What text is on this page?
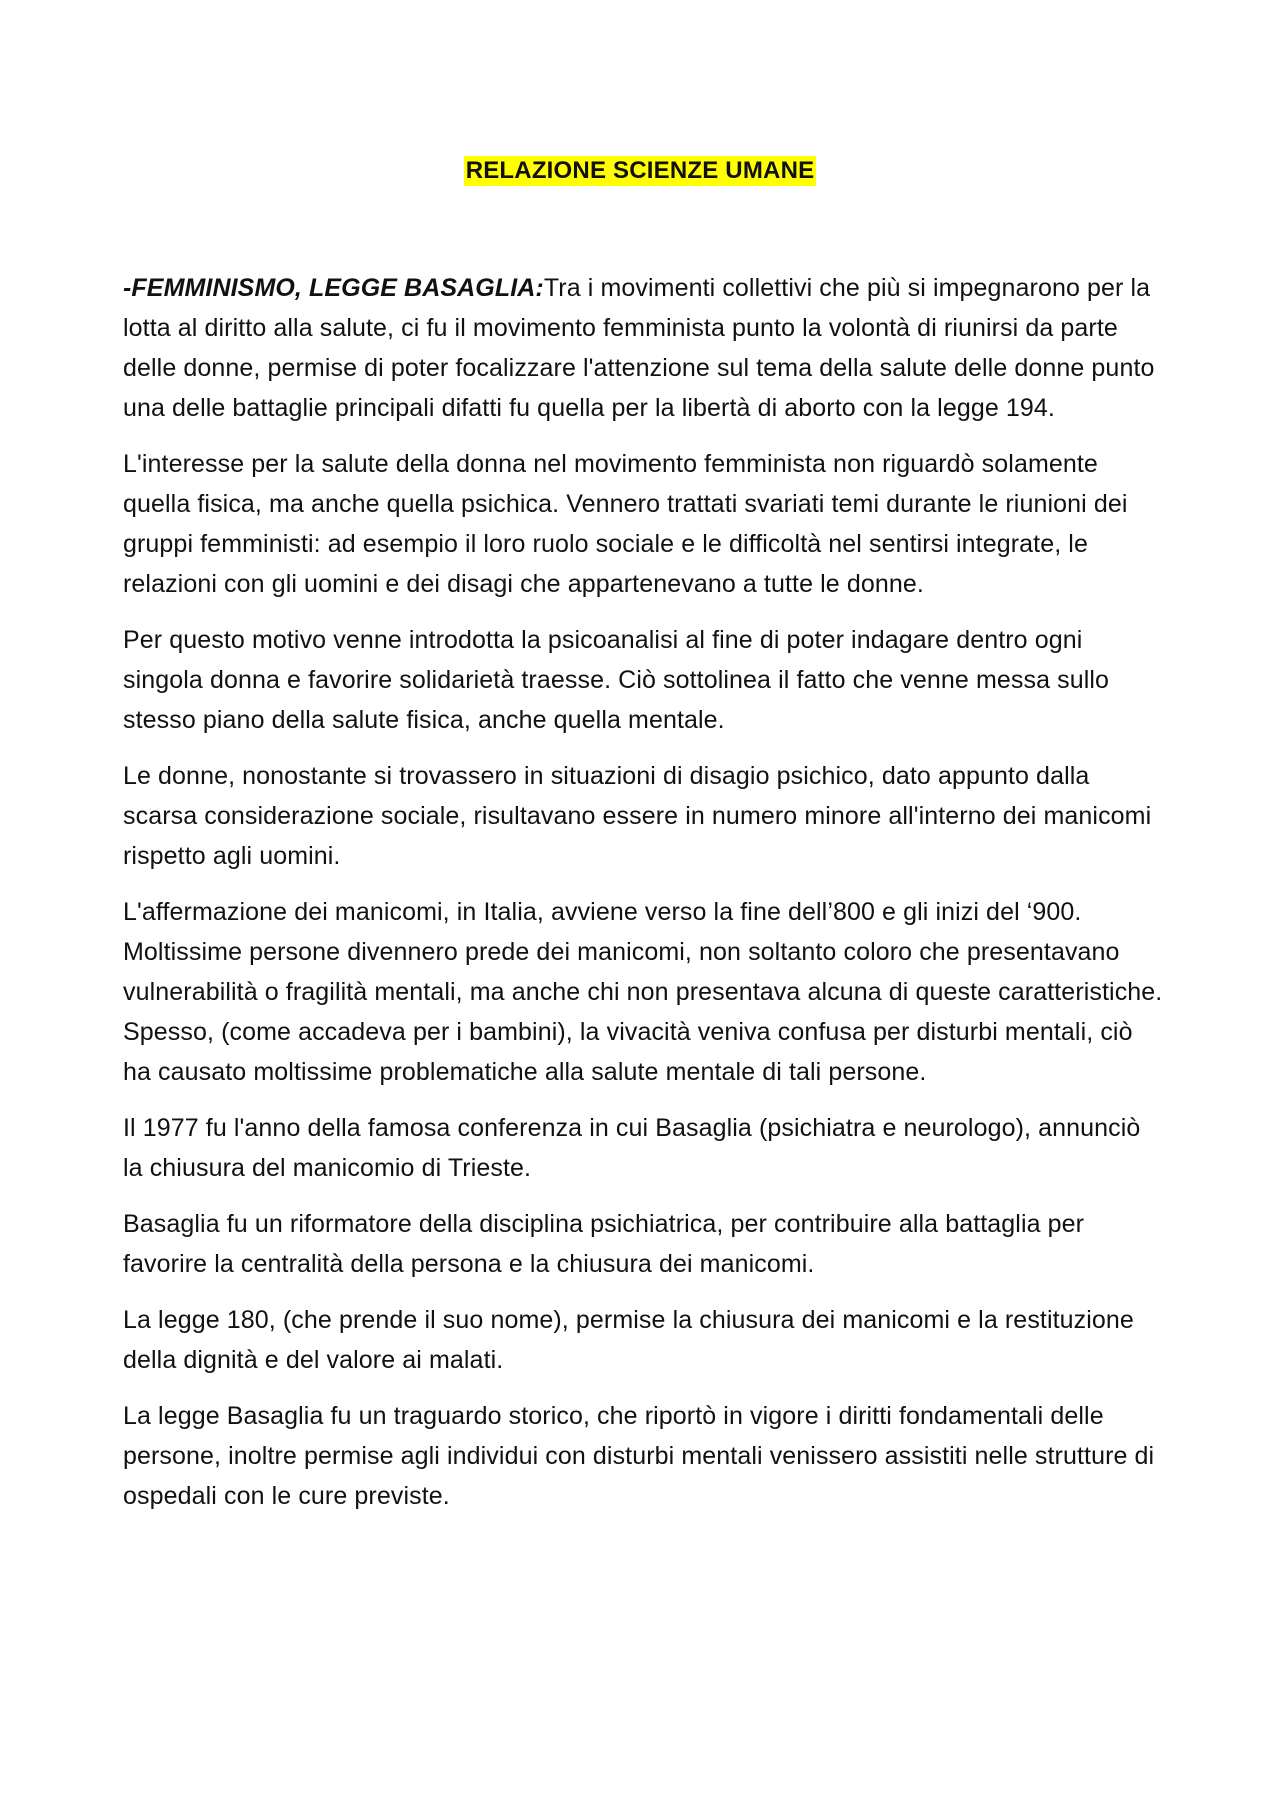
RELAZIONE SCIENZE UMANE

-FEMMINISMO, LEGGE BASAGLIA:Tra i movimenti collettivi che più si impegnarono per la lotta al diritto alla salute, ci fu il movimento femminista punto la volontà di riunirsi da parte delle donne, permise di poter focalizzare l'attenzione sul tema della salute delle donne punto una delle battaglie principali difatti fu quella per la libertà di aborto con la legge 194.

L'interesse per la salute della donna nel movimento femminista non riguardò solamente quella fisica, ma anche quella psichica. Vennero trattati svariati temi durante le riunioni dei gruppi femministi: ad esempio il loro ruolo sociale e le difficoltà nel sentirsi integrate, le relazioni con gli uomini e dei disagi che appartenevano a tutte le donne.

Per questo motivo venne introdotta la psicoanalisi al fine di poter indagare dentro ogni singola donna e favorire solidarietà traesse. Ciò sottolinea il fatto che venne messa sullo stesso piano della salute fisica, anche quella mentale.

Le donne, nonostante si trovassero in situazioni di disagio psichico, dato appunto dalla scarsa considerazione sociale, risultavano essere in numero minore all'interno dei manicomi rispetto agli uomini.

L'affermazione dei manicomi, in Italia, avviene verso la fine dell’800 e gli inizi del ‘900. Moltissime persone divennero prede dei manicomi, non soltanto coloro che presentavano vulnerabilità o fragilità mentali, ma anche chi non presentava alcuna di queste caratteristiche. Spesso, (come accadeva per i bambini), la vivacità veniva confusa per disturbi mentali, ciò ha causato moltissime problematiche alla salute mentale di tali persone.

Il 1977 fu l'anno della famosa conferenza in cui Basaglia (psichiatra e neurologo), annunciò la chiusura del manicomio di Trieste.

Basaglia fu un riformatore della disciplina psichiatrica, per contribuire alla battaglia per favorire la centralità della persona e la chiusura dei manicomi.

La legge 180, (che prende il suo nome), permise la chiusura dei manicomi e la restituzione della dignità e del valore ai malati.

La legge Basaglia fu un traguardo storico, che riportò in vigore i diritti fondamentali delle persone, inoltre permise agli individui con disturbi mentali venissero assistiti nelle strutture di ospedali con le cure previste.
